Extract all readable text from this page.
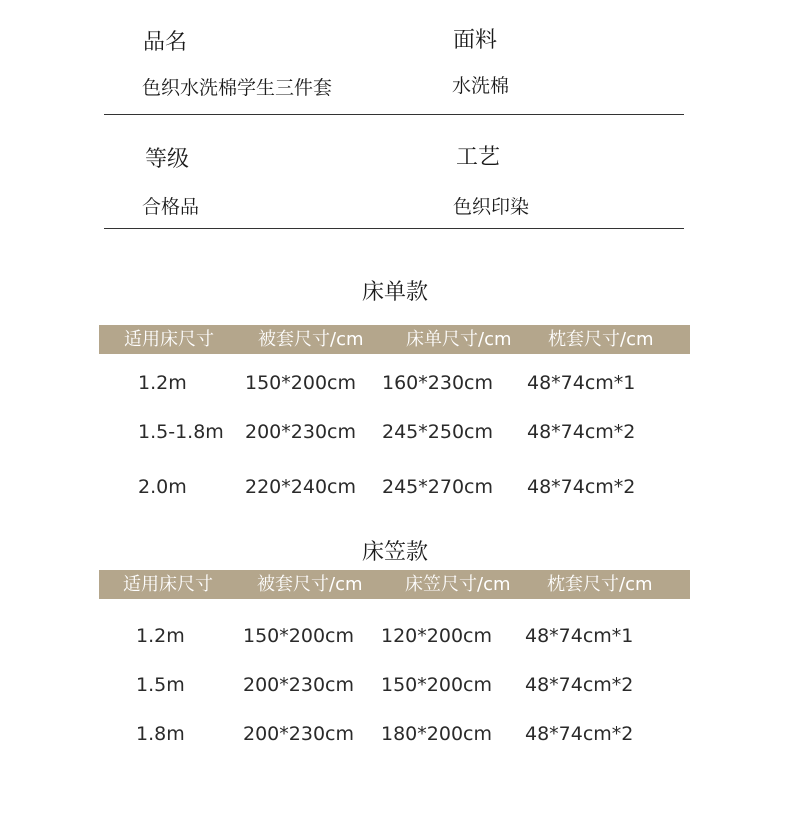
品名	面料
色织水洗棉学生三件套	水洗棉
等级	工艺
合格品	色织印染
床单款
适用床尺寸 被套尺寸/cm 床单尺寸/cm 枕套尺寸/cm
1.2m	150*200cm 160*230cm 48*74cm*1
1.5-1.8m 200*230cm 245*250cm 48*74cm*2
2.0m	220*240cm 245*270cm 48*74cm*2
床笠款
适用床尺寸 被套尺寸/cm 床笠尺寸/cm 枕套尺寸/cm
1.2m	150*200cm 120*200cm 48*74cm*1
1.5m	200*230cm 150*200cm 48*74cm*2
1.8m	200*230cm 180*200cm 48*74cm*2
